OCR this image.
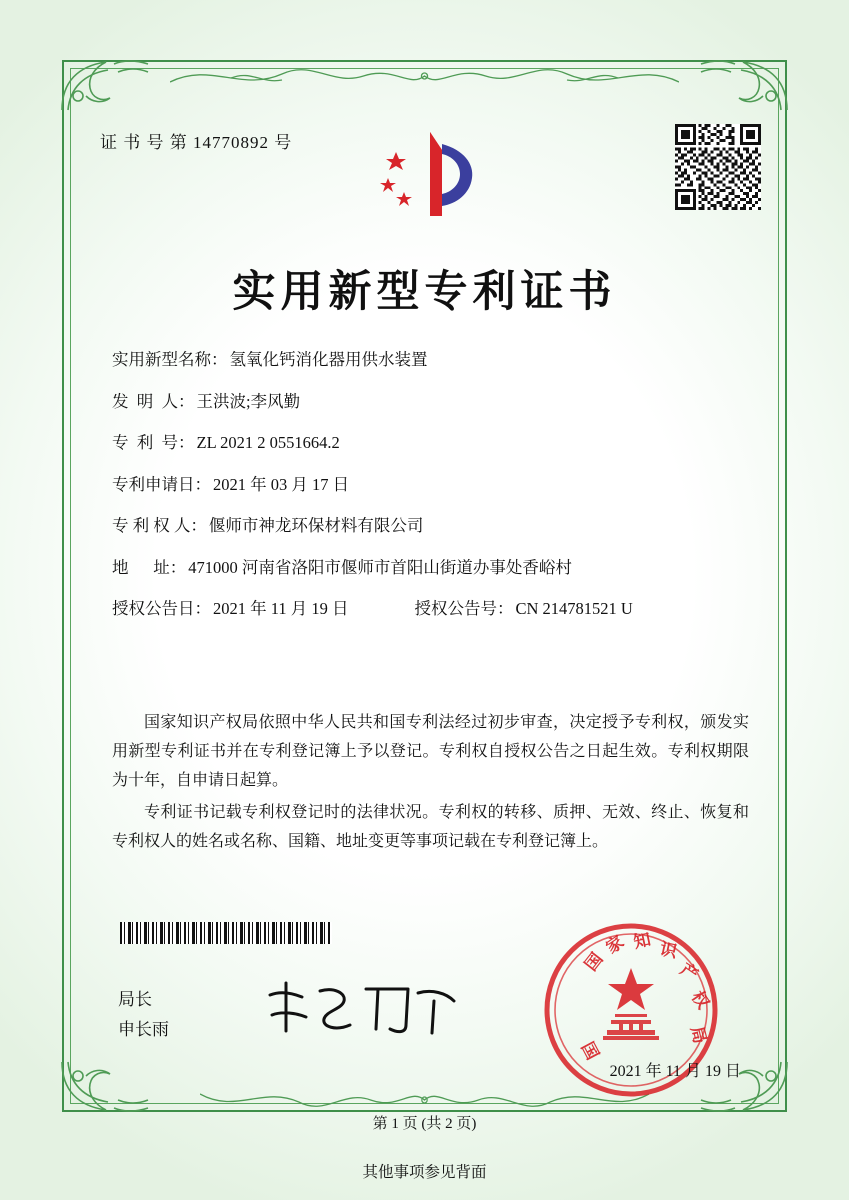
证 书 号 第 14770892 号
实用新型专利证书
实用新型名称： 氢氧化钙消化器用供水装置
发  明  人： 王洪波;李风勤
专  利  号： ZL 2021 2 0551664.2
专利申请日： 2021 年 03 月 17 日
专 利 权 人： 偃师市神龙环保材料有限公司
地      址： 471000 河南省洛阳市偃师市首阳山街道办事处香峪村
授权公告日： 2021 年 11 月 19 日	授权公告号： CN 214781521 U

国家知识产权局依照中华人民共和国专利法经过初步审查，决定授予专利权，颁发实用新型专利证书并在专利登记簿上予以登记。专利权自授权公告之日起生效。专利权期限为十年，自申请日起算。

专利证书记载专利权登记时的法律状况。专利权的转移、质押、无效、终止、恢复和专利权人的姓名或名称、国籍、地址变更等事项记载在专利登记簿上。

局长
申长雨
国
家 知 识
产
权
局
国
2021 年 11 月 19 日
第 1 页 (共 2 页)
其他事项参见背面
